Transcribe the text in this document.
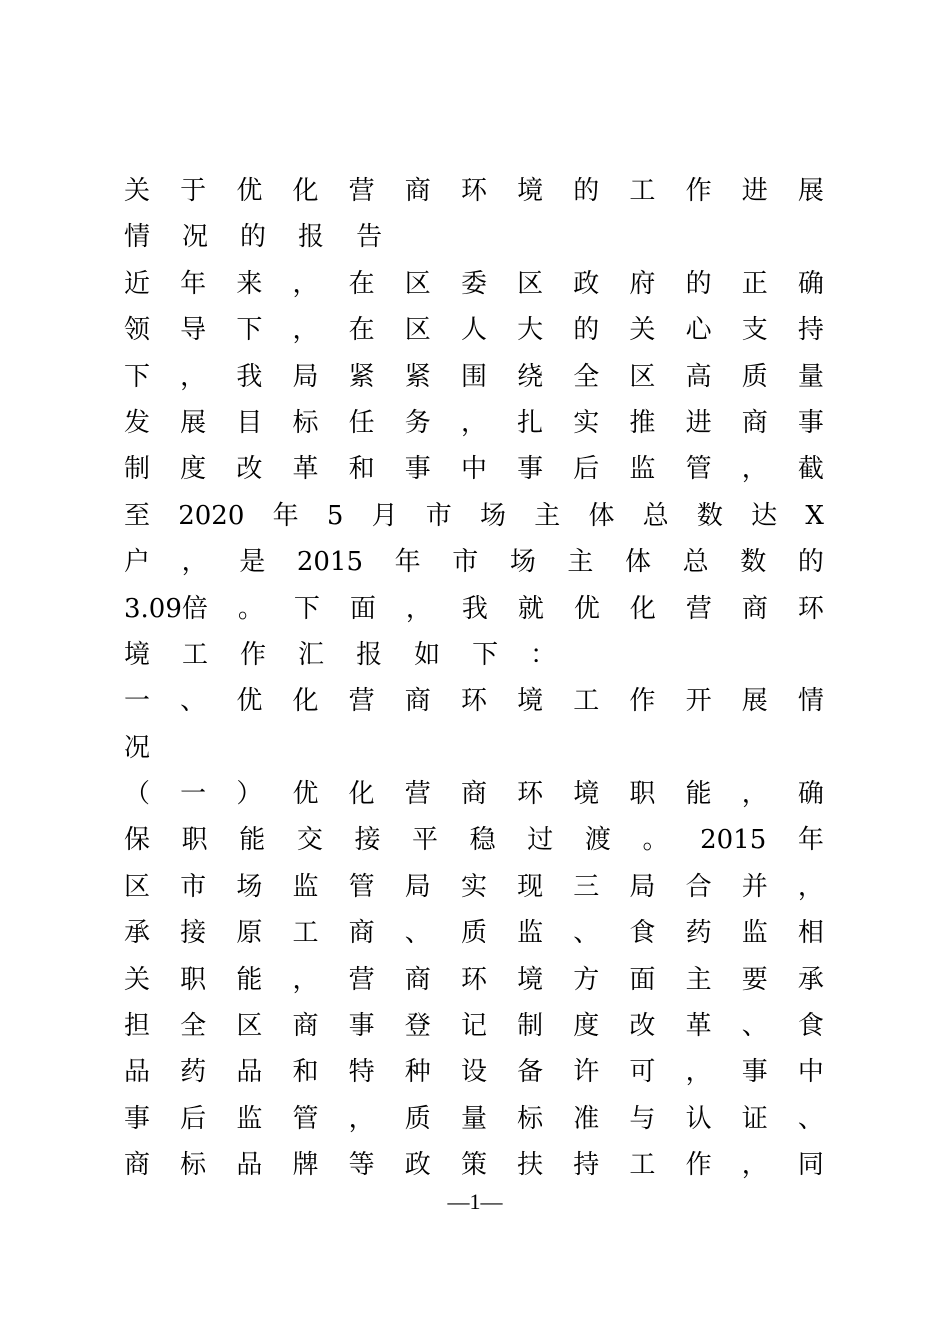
关 于 优 化 营 商 环 境 的 工 作 进 展
情 况 的 报 告
近 年 来 ， 在 区 委 区 政 府 的 正 确
领 导 下 ， 在 区 人 大 的 关 心 支 持
下 ， 我 局 紧 紧 围 绕 全 区 高 质 量
发 展 目 标 任 务 ， 扎 实 推 进 商 事
制 度 改 革 和 事 中 事 后 监 管 ， 截
至 2020 年 5 月 市 场 主 体 总 数 达 X
户 ， 是 2015 年 市 场 主 体 总 数 的
3.09倍 。 下 面 ， 我 就 优 化 营 商 环
境 工 作 汇 报 如 下 ：
一 、 优 化 营 商 环 境 工 作 开 展 情
况
（ 一 ） 优 化 营 商 环 境 职 能 ， 确
保 职 能 交 接 平 稳 过 渡 。 2015 年
区 市 场 监 管 局 实 现 三 局 合 并 ，
承 接 原 工 商 、 质 监 、 食 药 监 相
关 职 能 ， 营 商 环 境 方 面 主 要 承
担 全 区 商 事 登 记 制 度 改 革 、 食
品 药 品 和 特 种 设 备 许 可 ， 事 中
事 后 监 管 ， 质 量 标 准 与 认 证 、
商 标 品 牌 等 政 策 扶 持 工 作 ， 同
—1—
